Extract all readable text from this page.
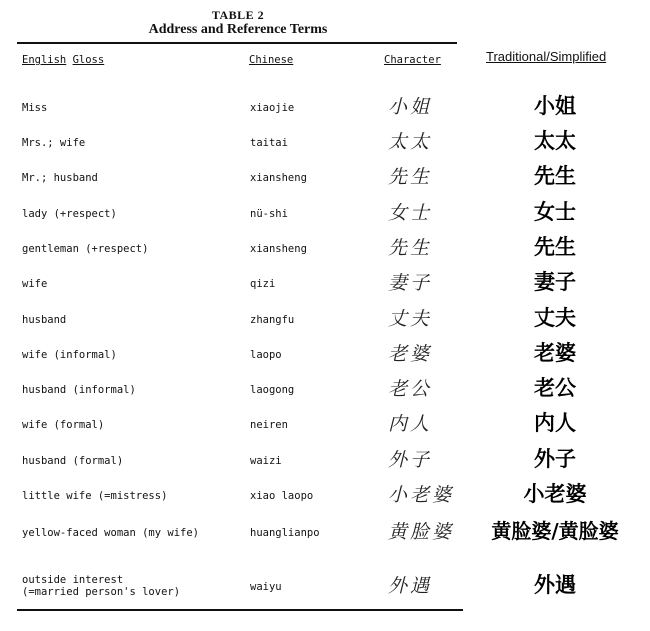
TABLE 2
Address and Reference Terms
English Gloss	Chinese	Character	Traditional/Simplified
Miss	xiaojie	小姐	小姐
Mrs.; wife	taitai	太太	太太
Mr.; husband	xiansheng	先生	先生
lady (+respect)	nü-shi	女士	女士
gentleman (+respect)	xiansheng	先生	先生
wife	qizi	妻子	妻子
husband	zhangfu	丈夫	丈夫
wife (informal)	laopo	老婆	老婆
husband (informal)	laogong	老公	老公
wife (formal)	neiren	内人	内人
husband (formal)	waizi	外子	外子
little wife (=mistress)	xiao laopo	小老婆	小老婆
yellow-faced woman (my wife)	huanglianpo	黄脸婆	黄脸婆/黄脸婆
outside interest
(=married person's lover)	waiyu	外遇	外遇
